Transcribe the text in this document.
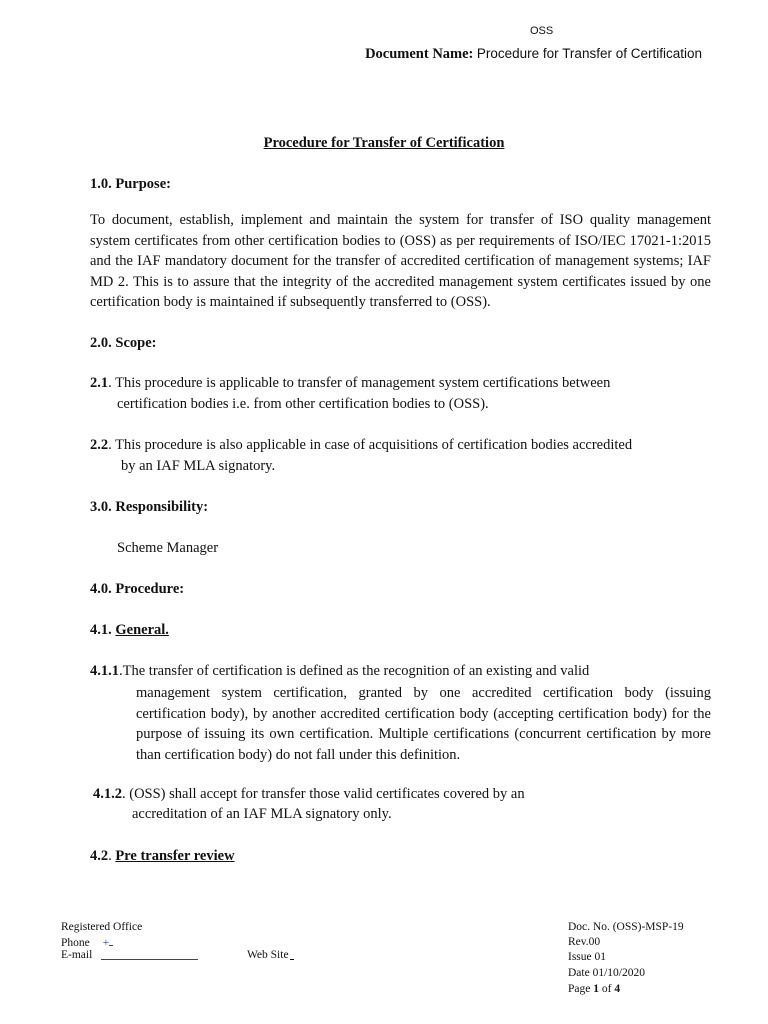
OSS
Document Name: Procedure for Transfer of Certification
Procedure for Transfer of Certification
1.0. Purpose:
To document, establish, implement and maintain the system for transfer of ISO quality management system certificates from other certification bodies to (OSS) as per requirements of ISO/IEC 17021-1:2015 and the IAF mandatory document for the transfer of accredited certification of management systems; IAF MD 2. This is to assure that the integrity of the accredited management system certificates issued by one certification body is maintained if subsequently transferred to (OSS).
2.0. Scope:
2.1. This procedure is applicable to transfer of management system certifications between
certification bodies i.e. from other certification bodies to (OSS).
2.2. This procedure is also applicable in case of acquisitions of certification bodies accredited
by an IAF MLA signatory.
3.0. Responsibility:
Scheme Manager
4.0. Procedure:
4.1. General.
4.1.1.The transfer of certification is defined as the recognition of an existing and valid
management system certification, granted by one accredited certification body (issuing certification body), by another accredited certification body (accepting certification body) for the purpose of issuing its own certification. Multiple certifications (concurrent certification by more than certification body) do not fall under this definition.
4.1.2. (OSS) shall accept for transfer those valid certificates covered by an
accreditation of an IAF MLA signatory only.
4.2. Pre transfer review
Registered Office
Phone +
E-mail	Web Site
Doc. No. (OSS)-MSP-19
Rev.00
Issue 01
Date 01/10/2020
Page 1 of 4
